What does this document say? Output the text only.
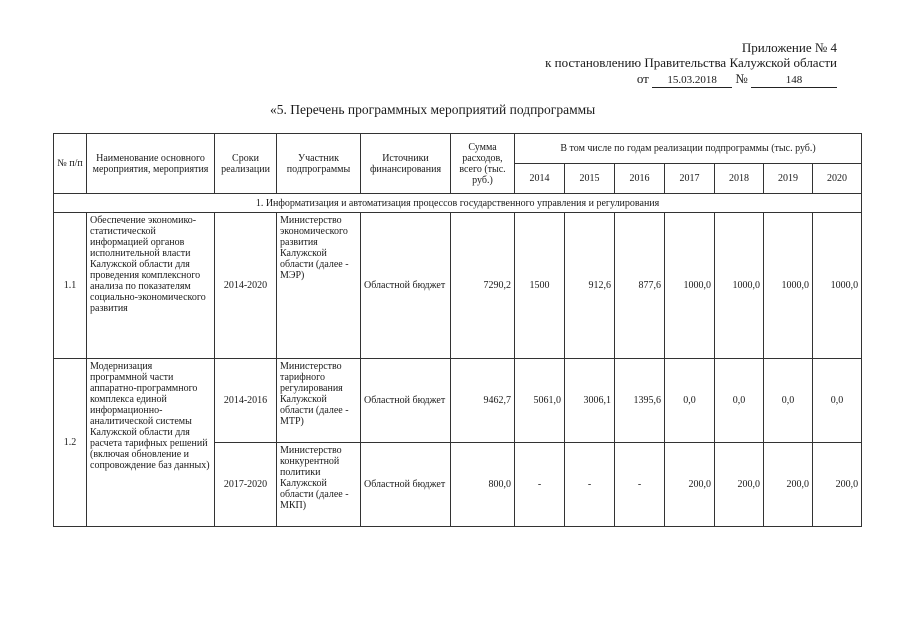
Приложение № 4
к постановлению Правительства Калужской области
от 15.03.2018 №	148
«5. Перечень программных мероприятий подпрограммы
№ п/п	Наименование основного мероприятия, мероприятия	Сроки реализации	Участник подпрограммы	Источники финансирования	Сумма расходов, всего (тыс. руб.)	В том числе по годам реализации подпрограммы (тыс. руб.)						
						2014	2015	2016	2017	2018	2019	2020
1. Информатизация и автоматизация процессов государственного управления и регулирования												
1.1	Обеспечение экономико-статистической информацией органов исполнительной власти Калужской области для проведения комплексного анализа по показателям социально-экономического развития	2014-2020	Министерство экономического развития Калужской области (далее - МЭР)	Областной бюджет	7290,2	1500	912,6	877,6	1000,0	1000,0	1000,0	1000,0
1.2	Модернизация программной части аппаратно-программного комплекса единой информационно-аналитической системы Калужской области для расчета тарифных решений (включая обновление и сопровождение баз данных)	2014-2016	Министерство тарифного регулирования Калужской области (далее - МТР)	Областной бюджет	9462,7	5061,0	3006,1	1395,6	0,0	0,0	0,0	0,0
		2017-2020	Министерство конкурентной политики Калужской области (далее - МКП)	Областной бюджет	800,0	-	-	-	200,0	200,0	200,0	200,0
